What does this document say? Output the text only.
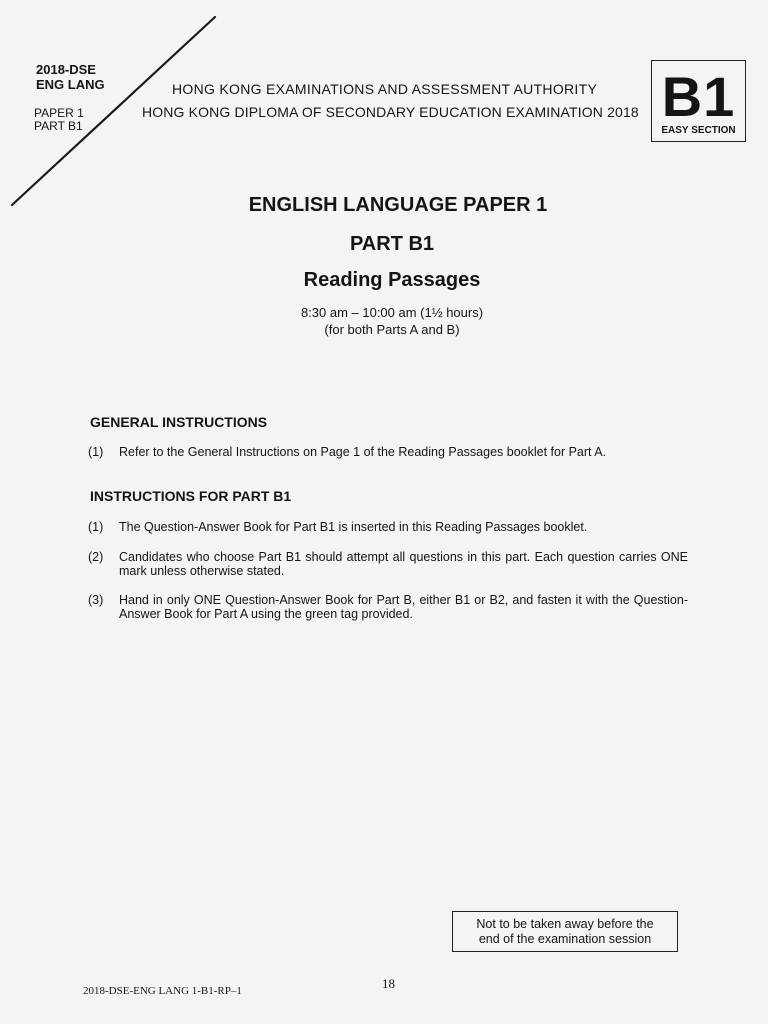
2018-DSE
ENG LANG
PAPER 1
PART B1
HONG KONG EXAMINATIONS AND ASSESSMENT AUTHORITY
HONG KONG DIPLOMA OF SECONDARY EDUCATION EXAMINATION 2018 B1
EASY SECTION
ENGLISH LANGUAGE PAPER 1
PART B1
Reading Passages
8:30 am – 10:00 am (1½ hours)
(for both Parts A and B)
GENERAL INSTRUCTIONS
(1) Refer to the General Instructions on Page 1 of the Reading Passages booklet for Part A.
INSTRUCTIONS FOR PART B1
(1) The Question-Answer Book for Part B1 is inserted in this Reading Passages booklet.
(2) Candidates who choose Part B1 should attempt all questions in this part. Each question carries ONE mark unless otherwise stated.
(3) Hand in only ONE Question-Answer Book for Part B, either B1 or B2, and fasten it with the Question-Answer Book for Part A using the green tag provided.
Not to be taken away before the
end of the examination session
2018-DSE-ENG LANG 1-B1-RP–1	18
